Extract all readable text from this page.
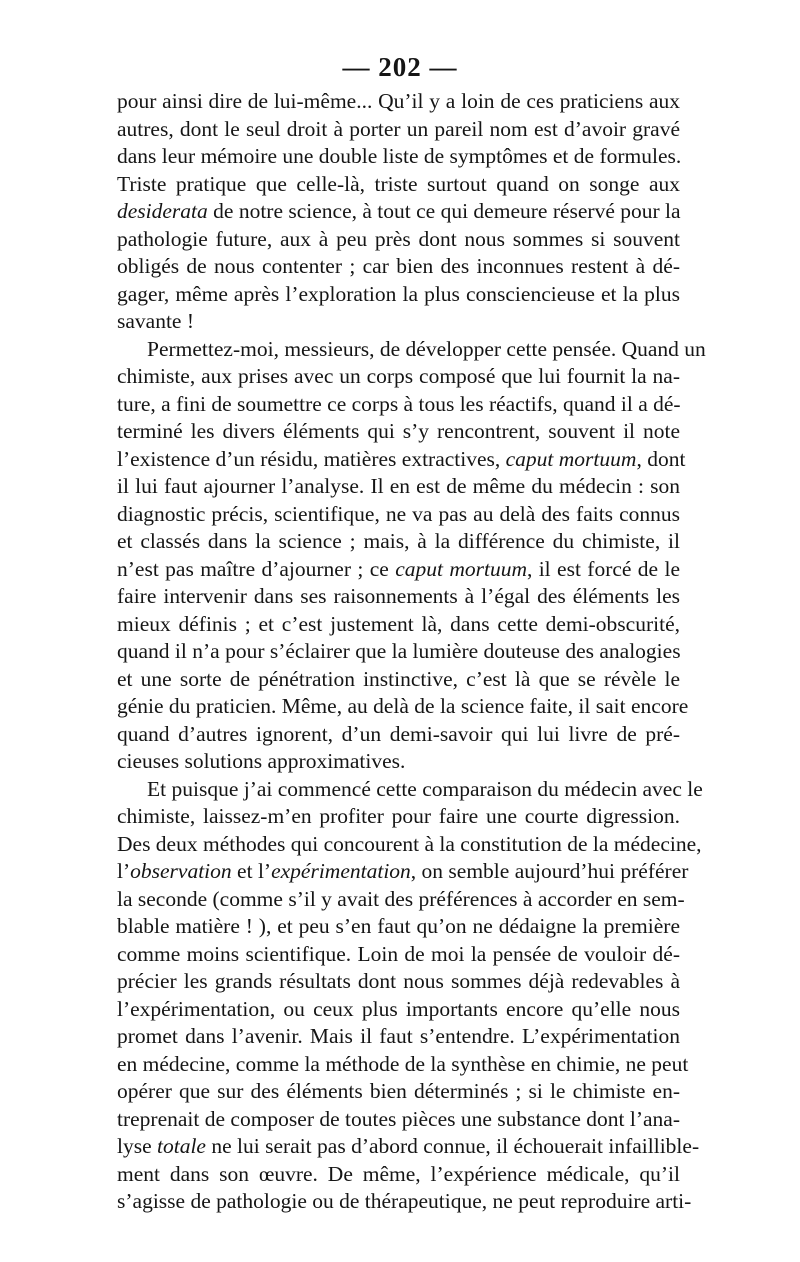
— 202 —
pour ainsi dire de lui-même... Qu’il y a loin de ces praticiens aux
autres, dont le seul droit à porter un pareil nom est d’avoir gravé
dans leur mémoire une double liste de symptômes et de formules.
Triste pratique que celle-là, triste surtout quand on songe aux
desiderata de notre science, à tout ce qui demeure réservé pour la
pathologie future, aux à peu près dont nous sommes si souvent
obligés de nous contenter ; car bien des inconnues restent à dé-
gager, même après l’exploration la plus consciencieuse et la plus
savante !
Permettez-moi, messieurs, de développer cette pensée. Quand un
chimiste, aux prises avec un corps composé que lui fournit la na-
ture, a fini de soumettre ce corps à tous les réactifs, quand il a dé-
terminé les divers éléments qui s’y rencontrent, souvent il note
l’existence d’un résidu, matières extractives, caput mortuum, dont
il lui faut ajourner l’analyse. Il en est de même du médecin : son
diagnostic précis, scientifique, ne va pas au delà des faits connus
et classés dans la science ; mais, à la différence du chimiste, il
n’est pas maître d’ajourner ; ce caput mortuum, il est forcé de le
faire intervenir dans ses raisonnements à l’égal des éléments les
mieux définis ; et c’est justement là, dans cette demi-obscurité,
quand il n’a pour s’éclairer que la lumière douteuse des analogies
et une sorte de pénétration instinctive, c’est là que se révèle le
génie du praticien. Même, au delà de la science faite, il sait encore
quand d’autres ignorent, d’un demi-savoir qui lui livre de pré-
cieuses solutions approximatives.
Et puisque j’ai commencé cette comparaison du médecin avec le
chimiste, laissez-m’en profiter pour faire une courte digression.
Des deux méthodes qui concourent à la constitution de la médecine,
l’observation et l’expérimentation, on semble aujourd’hui préférer
la seconde (comme s’il y avait des préférences à accorder en sem-
blable matière ! ), et peu s’en faut qu’on ne dédaigne la première
comme moins scientifique. Loin de moi la pensée de vouloir dé-
précier les grands résultats dont nous sommes déjà redevables à
l’expérimentation, ou ceux plus importants encore qu’elle nous
promet dans l’avenir. Mais il faut s’entendre. L’expérimentation
en médecine, comme la méthode de la synthèse en chimie, ne peut
opérer que sur des éléments bien déterminés ; si le chimiste en-
treprenait de composer de toutes pièces une substance dont l’ana-
lyse totale ne lui serait pas d’abord connue, il échouerait infaillible-
ment dans son œuvre. De même, l’expérience médicale, qu’il
s’agisse de pathologie ou de thérapeutique, ne peut reproduire arti-
